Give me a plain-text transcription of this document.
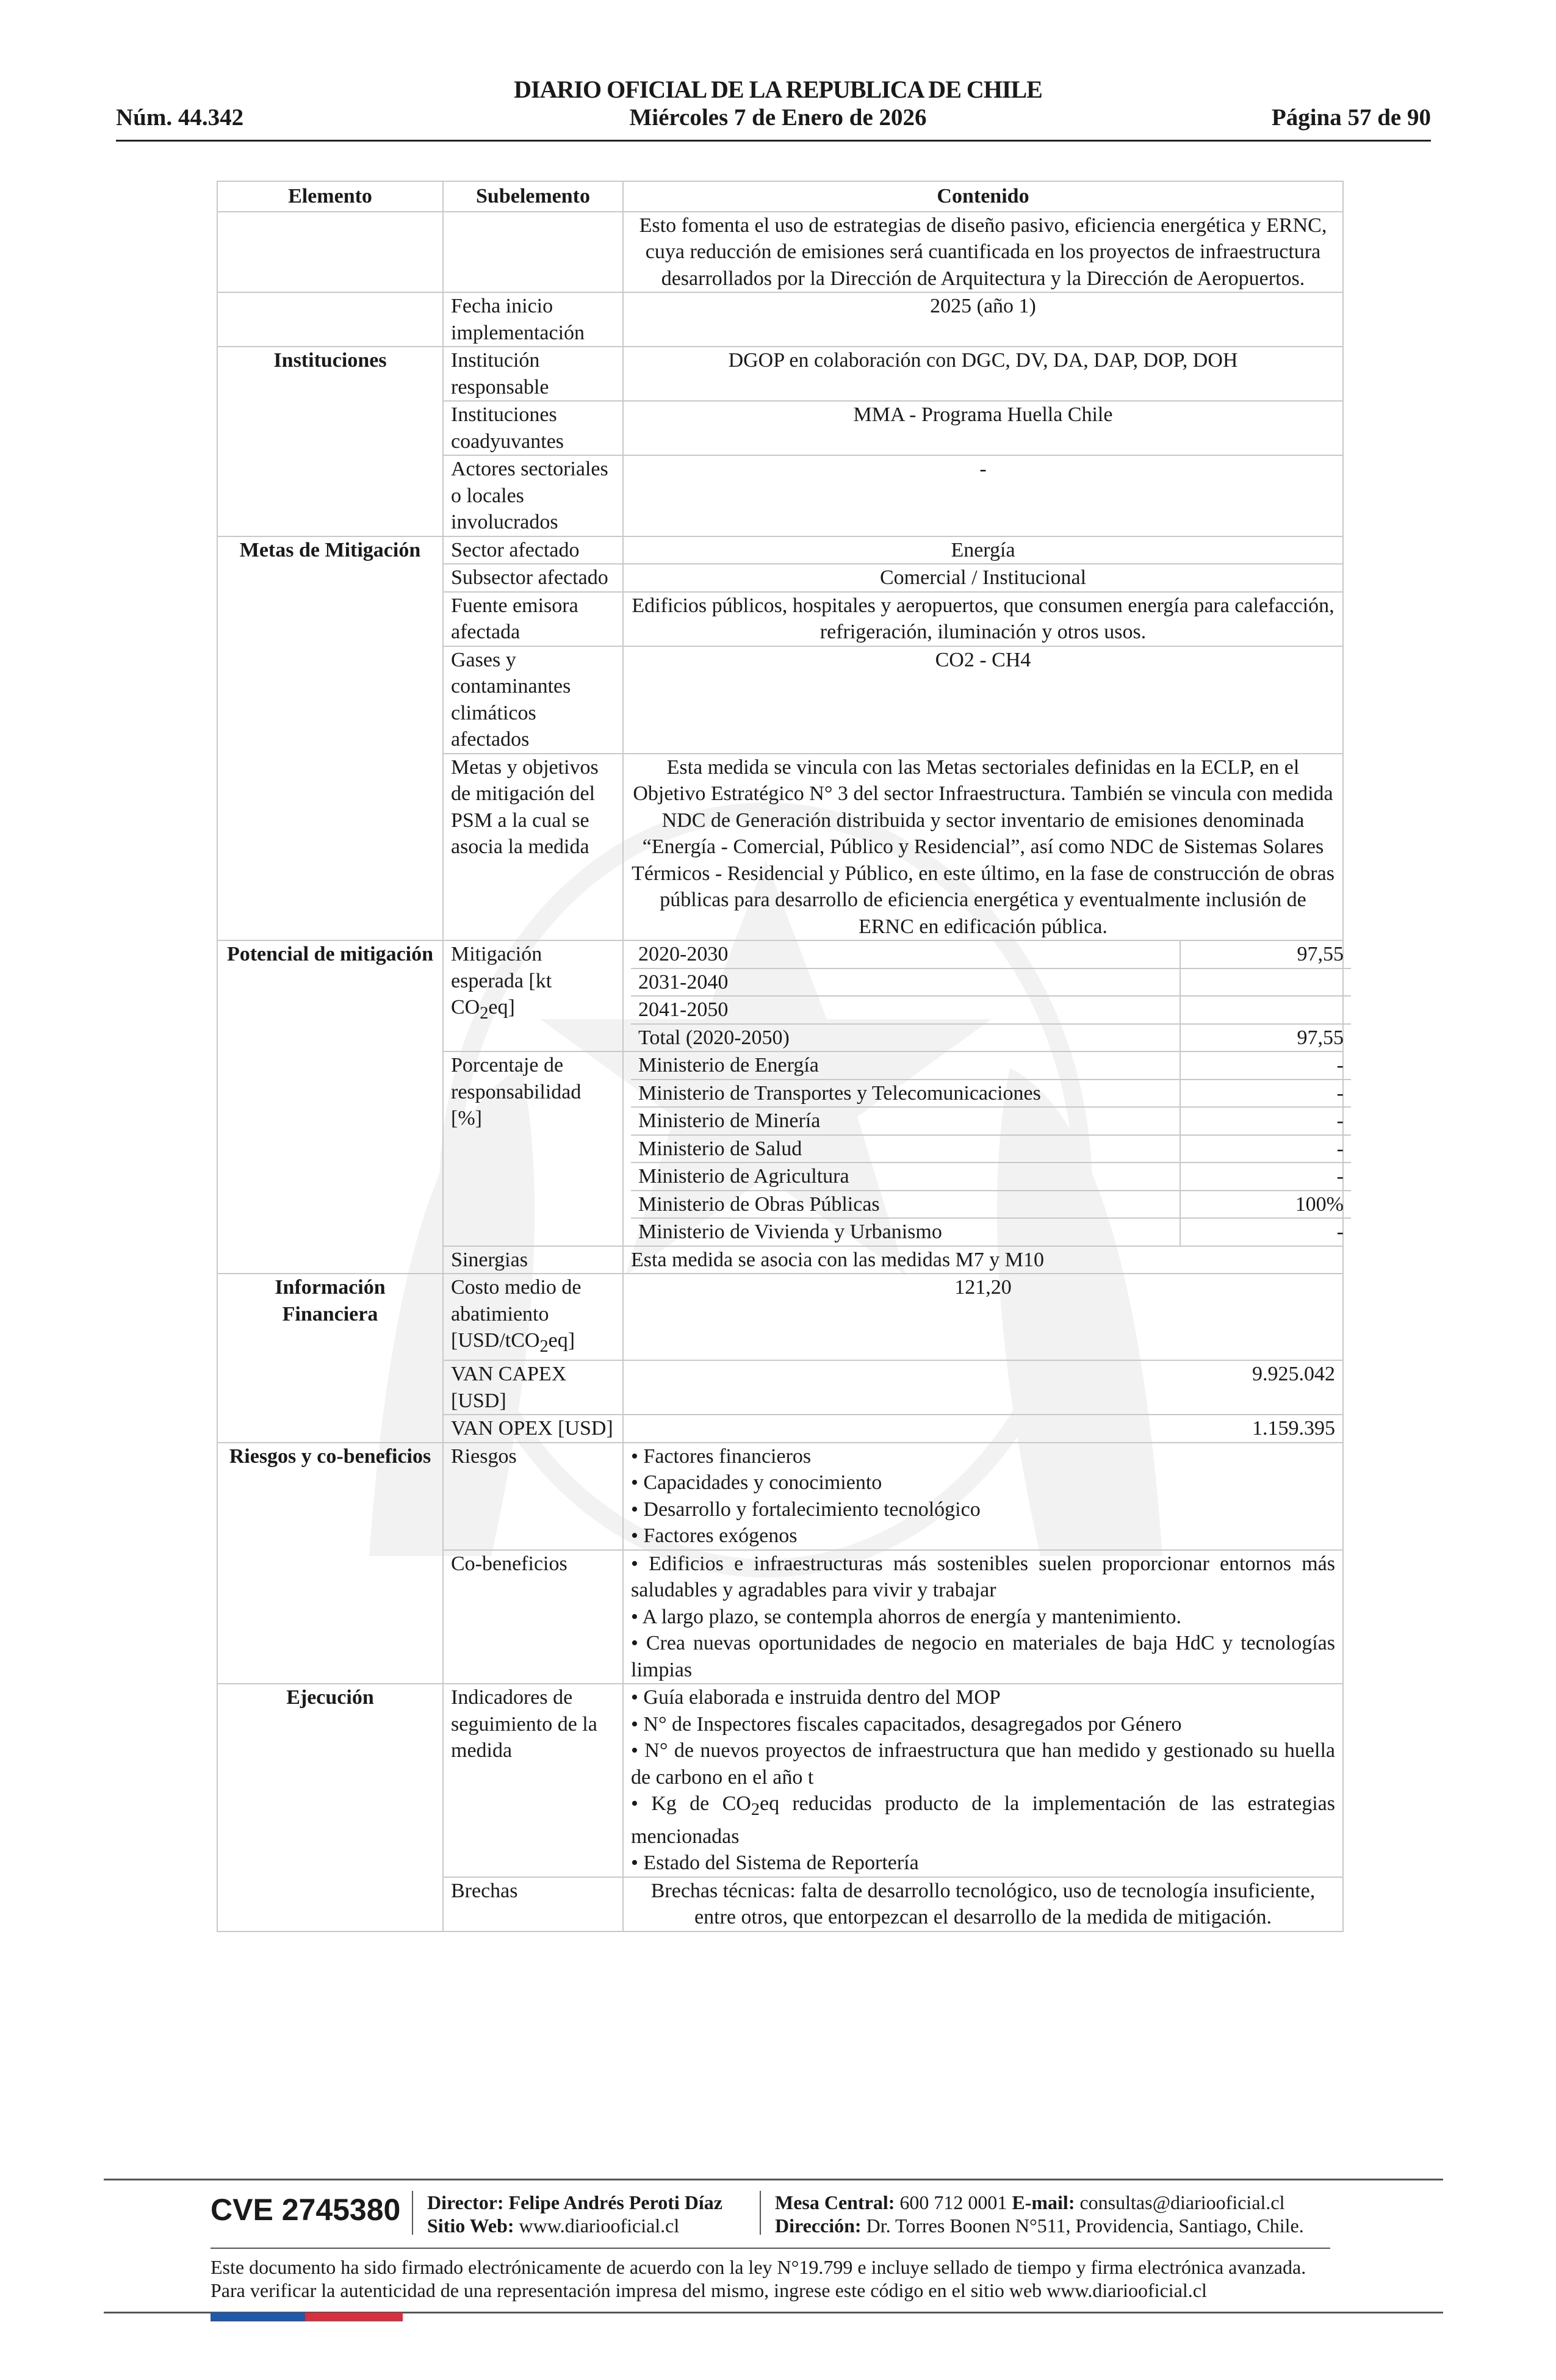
DIARIO OFICIAL DE LA REPUBLICA DE CHILE
Miércoles 7 de Enero de 2026
Núm. 44.342	Página 57 de 90
Elemento	Subelemento	Contenido
		Esto fomenta el uso de estrategias de diseño pasivo, eficiencia energética y ERNC, cuya reducción de emisiones será cuantificada en los proyectos de infraestructura desarrollados por la Dirección de Arquitectura y la Dirección de Aeropuertos.
	Fecha inicio implementación	2025 (año 1)
Instituciones	Institución responsable	DGOP en colaboración con DGC, DV, DA, DAP, DOP, DOH
Instituciones coadyuvantes	MMA - Programa Huella Chile
Actores sectoriales o locales involucrados	-
Metas de Mitigación	Sector afectado	Energía
Subsector afectado	Comercial / Institucional
Fuente emisora afectada	Edificios públicos, hospitales y aeropuertos, que consumen energía para calefacción, refrigeración, iluminación y otros usos.
Gases y contaminantes climáticos afectados	CO2 - CH4
Metas y objetivos de mitigación del PSM a la cual se asocia la medida	Esta medida se vincula con las Metas sectoriales definidas en la ECLP, en el Objetivo Estratégico N° 3 del sector Infraestructura. También se vincula con medida NDC de Generación distribuida y sector inventario de emisiones denominada “Energía - Comercial, Público y Residencial”, así como NDC de Sistemas Solares Térmicos - Residencial y Público, en este último, en la fase de construcción de obras públicas para desarrollo de eficiencia energética y eventualmente inclusión de ERNC en edificación pública.
Potencial de mitigación	Mitigación esperada [kt $CO_2eq$]	
2020-2030	97,55
2031-2040	
2041-2050	
Total (2020-2050)	97,55

Porcentaje de responsabilidad [%]	
Ministerio de Energía	-
Ministerio de Transportes y Telecomunicaciones	-
Ministerio de Minería	-
Ministerio de Salud	-
Ministerio de Agricultura	-
Ministerio de Obras Públicas	100%
Ministerio de Vivienda y Urbanismo	-

Sinergias	Esta medida se asocia con las medidas M7 y M10
Información Financiera	Costo medio de abatimiento [USD/tCO$_2$eq]	121,20
VAN CAPEX [USD]	9.925.042
VAN OPEX [USD]	1.159.395
Riesgos y co-beneficios	Riesgos	• Factores financieros
• Capacidades y conocimiento
• Desarrollo y fortalecimiento tecnológico
• Factores exógenos

Co-beneficios	• Edificios e infraestructuras más sostenibles suelen proporcionar entornos más saludables y agradables para vivir y trabajar
• A largo plazo, se contempla ahorros de energía y mantenimiento.
• Crea nuevas oportunidades de negocio en materiales de baja HdC y tecnologías limpias

Ejecución	Indicadores de seguimiento de la medida	
• Guía elaborada e instruida dentro del MOP
• N° de Inspectores fiscales capacitados, desagregados por Género
• N° de nuevos proyectos de infraestructura que han medido y gestionado su huella de carbono en el año t
• Kg de $CO_2eq$ reducidas producto de la implementación de las estrategias mencionadas
• Estado del Sistema de Reportería

Brechas	Brechas técnicas: falta de desarrollo tecnológico, uso de tecnología insuficiente, entre otros, que entorpezcan el desarrollo de la medida de mitigación.
CVE 2745380 Director: Felipe Andrés Peroti Díaz
Sitio Web: www.diariooficial.cl
Mesa Central: 600 712 0001 E-mail: consultas@diariooficial.cl
Dirección: Dr. Torres Boonen N°511, Providencia, Santiago, Chile.
Este documento ha sido firmado electrónicamente de acuerdo con la ley N°19.799 e incluye sellado de tiempo y firma electrónica avanzada. Para verificar la autenticidad de una representación impresa del mismo, ingrese este código en el sitio web www.diariooficial.cl
